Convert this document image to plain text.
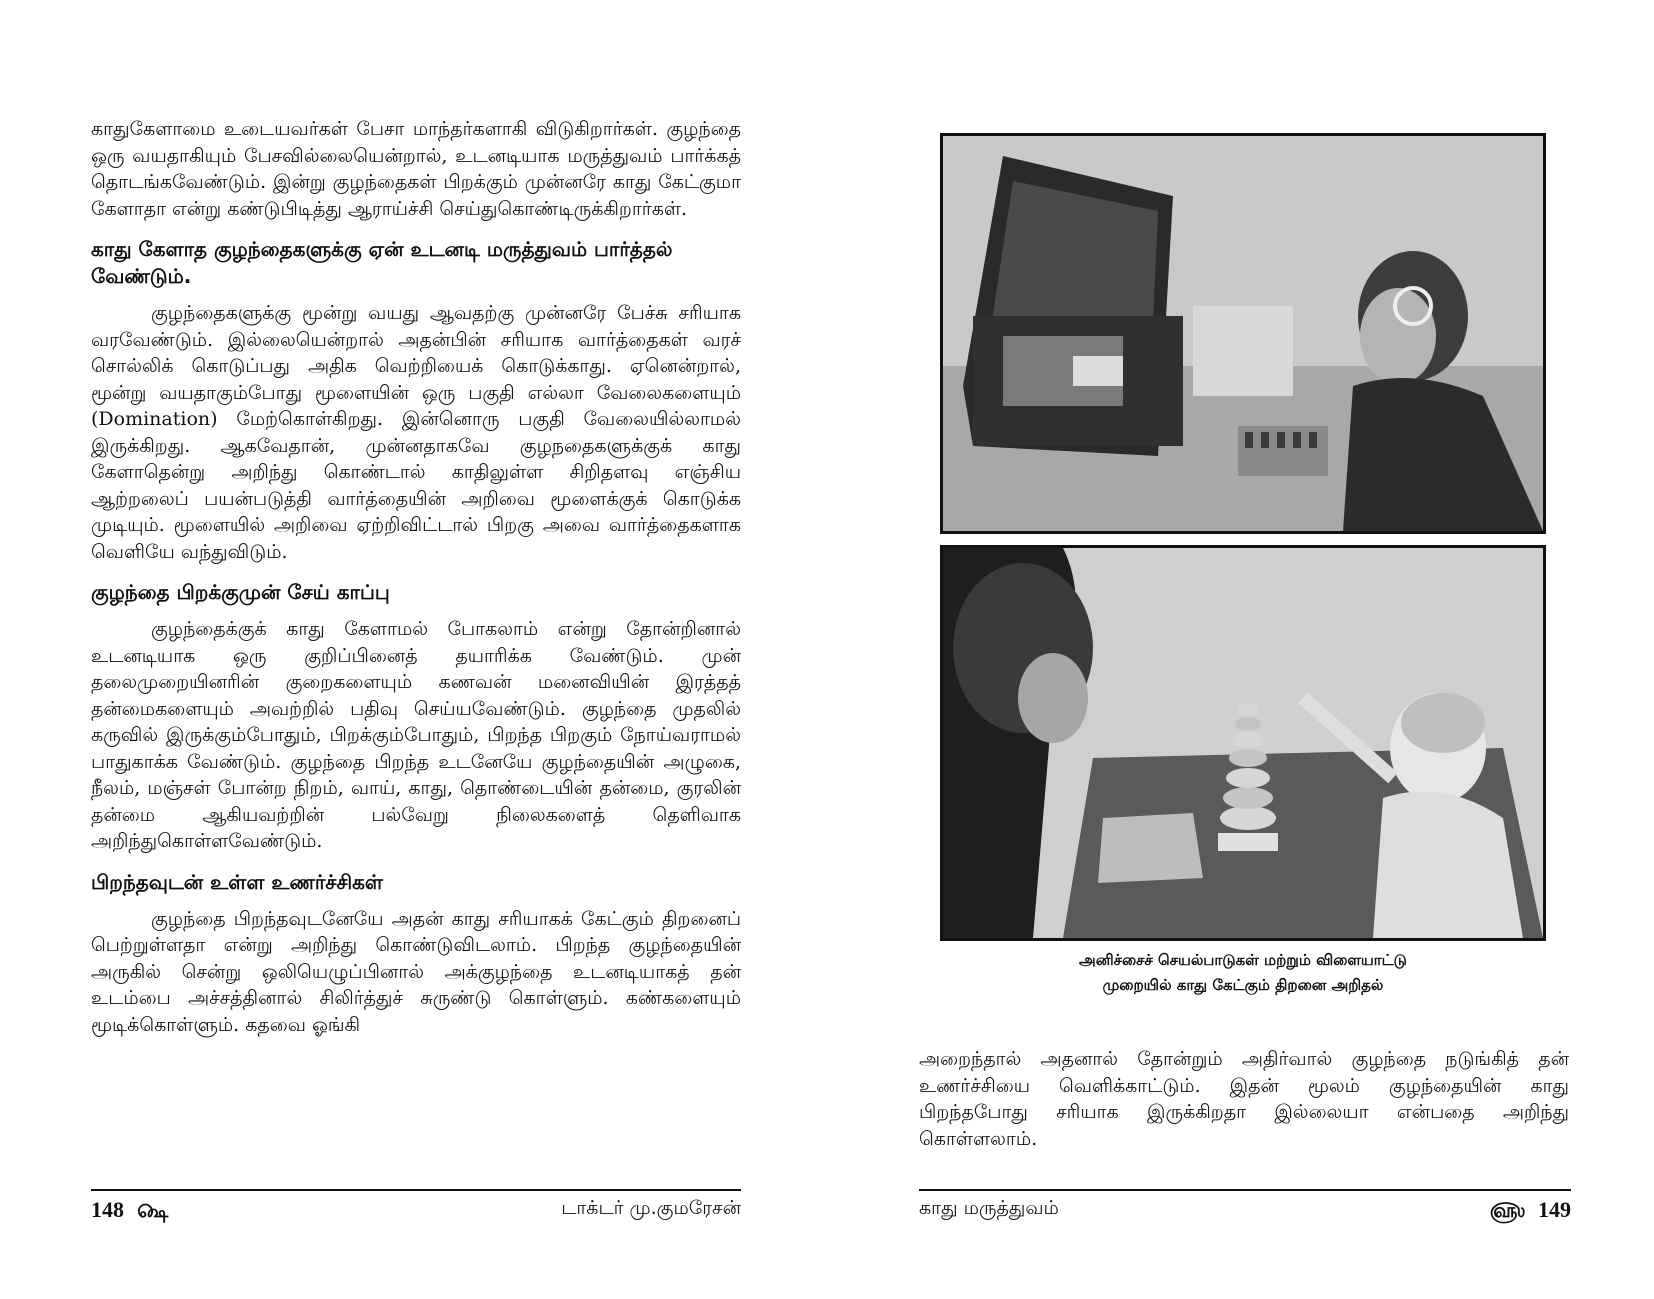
காதுகேளாமை உடையவர்கள் பேசா மாந்தர்களாகி விடுகிறார்கள். குழந்தை ஒரு வயதாகியும் பேசவில்லையென்றால், உடனடியாக மருத்துவம் பார்க்கத் தொடங்கவேண்டும். இன்று குழந்தைகள் பிறக்கும் முன்னரே காது கேட்குமா கேளாதா என்று கண்டுபிடித்து ஆராய்ச்சி செய்துகொண்டிருக்கிறார்கள்.

காது கேளாத குழந்தைகளுக்கு ஏன் உடனடி மருத்துவம் பார்த்தல் வேண்டும்.

குழந்தைகளுக்கு மூன்று வயது ஆவதற்கு முன்னரே பேச்சு சரியாக வரவேண்டும். இல்லையென்றால் அதன்பின் சரியாக வார்த்தைகள் வரச் சொல்லிக் கொடுப்பது அதிக வெற்றியைக் கொடுக்காது. ஏனென்றால், மூன்று வயதாகும்போது மூளையின் ஒரு பகுதி எல்லா வேலைகளையும் (Domination) மேற்கொள்கிறது. இன்னொரு பகுதி வேலையில்லாமல் இருக்கிறது. ஆகவேதான், முன்னதாகவே குழநதைகளுக்குக் காது கேளாதென்று அறிந்து கொண்டால் காதிலுள்ள சிறிதளவு எஞ்சிய ஆற்றலைப் பயன்படுத்தி வார்த்தையின் அறிவை மூளைக்குக் கொடுக்க முடியும். மூளையில் அறிவை ஏற்றிவிட்டால் பிறகு அவை வார்த்தைகளாக வெளியே வந்துவிடும்.

குழந்தை பிறக்குமுன் சேய் காப்பு

குழந்தைக்குக் காது கேளாமல் போகலாம் என்று தோன்றினால் உடனடியாக ஒரு குறிப்பினைத் தயாரிக்க வேண்டும். முன் தலைமுறையினரின் குறைகளையும் கணவன் மனைவியின் இரத்தத் தன்மைகளையும் அவற்றில் பதிவு செய்யவேண்டும். குழந்தை முதலில் கருவில் இருக்கும்போதும், பிறக்கும்போதும், பிறந்த பிறகும் நோய்வராமல் பாதுகாக்க வேண்டும். குழந்தை பிறந்த உடனேயே குழந்தையின் அழுகை, நீலம், மஞ்சள் போன்ற நிறம், வாய், காது, தொண்டையின் தன்மை, குரலின் தன்மை ஆகியவற்றின் பல்வேறு நிலைகளைத் தெளிவாக அறிந்துகொள்ளவேண்டும்.

பிறந்தவுடன் உள்ள உணர்ச்சிகள்

குழந்தை பிறந்தவுடனேயே அதன் காது சரியாகக் கேட்கும் திறனைப் பெற்றுள்ளதா என்று அறிந்து கொண்டுவிடலாம். பிறந்த குழந்தையின் அருகில் சென்று ஒலியெழுப்பினால் அக்குழந்தை உடனடியாகத் தன் உடம்பை அச்சத்தினால் சிலிர்த்துச் சுருண்டு கொள்ளும். கண்களையும் மூடிக்கொள்ளும். கதவை ஓங்கி

148 ௸	டாக்டர் மு.குமரேசன்
அனிச்சைச் செயல்பாடுகள் மற்றும் விளையாட்டு
முறையில் காது கேட்கும் திறனை அறிதல்

அறைந்தால் அதனால் தோன்றும் அதிர்வால் குழந்தை நடுங்கித் தன் உணர்ச்சியை வெளிக்காட்டும். இதன் மூலம் குழந்தையின் காது பிறந்தபோது சரியாக இருக்கிறதா இல்லையா என்பதை அறிந்து கொள்ளலாம்.

காது மருத்துவம்	௵ 149
